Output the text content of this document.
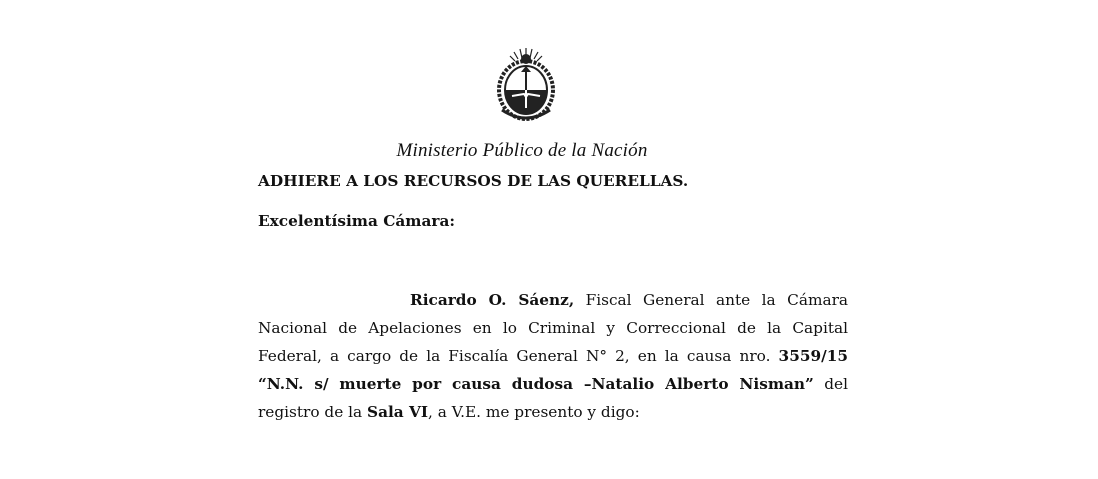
Ministerio Público de la Nación
ADHIERE A LOS RECURSOS DE LAS QUERELLAS.
Excelentísima Cámara:
Ricardo O. Sáenz, Fiscal General ante la Cámara Nacional de Apelaciones en lo Criminal y Correccional de la Capital Federal, a cargo de la Fiscalía General N° 2, en la causa nro. 3559/15 “N.N. s/ muerte por causa dudosa –Natalio Alberto Nisman” del registro de la Sala VI, a V.E. me presento y digo:
